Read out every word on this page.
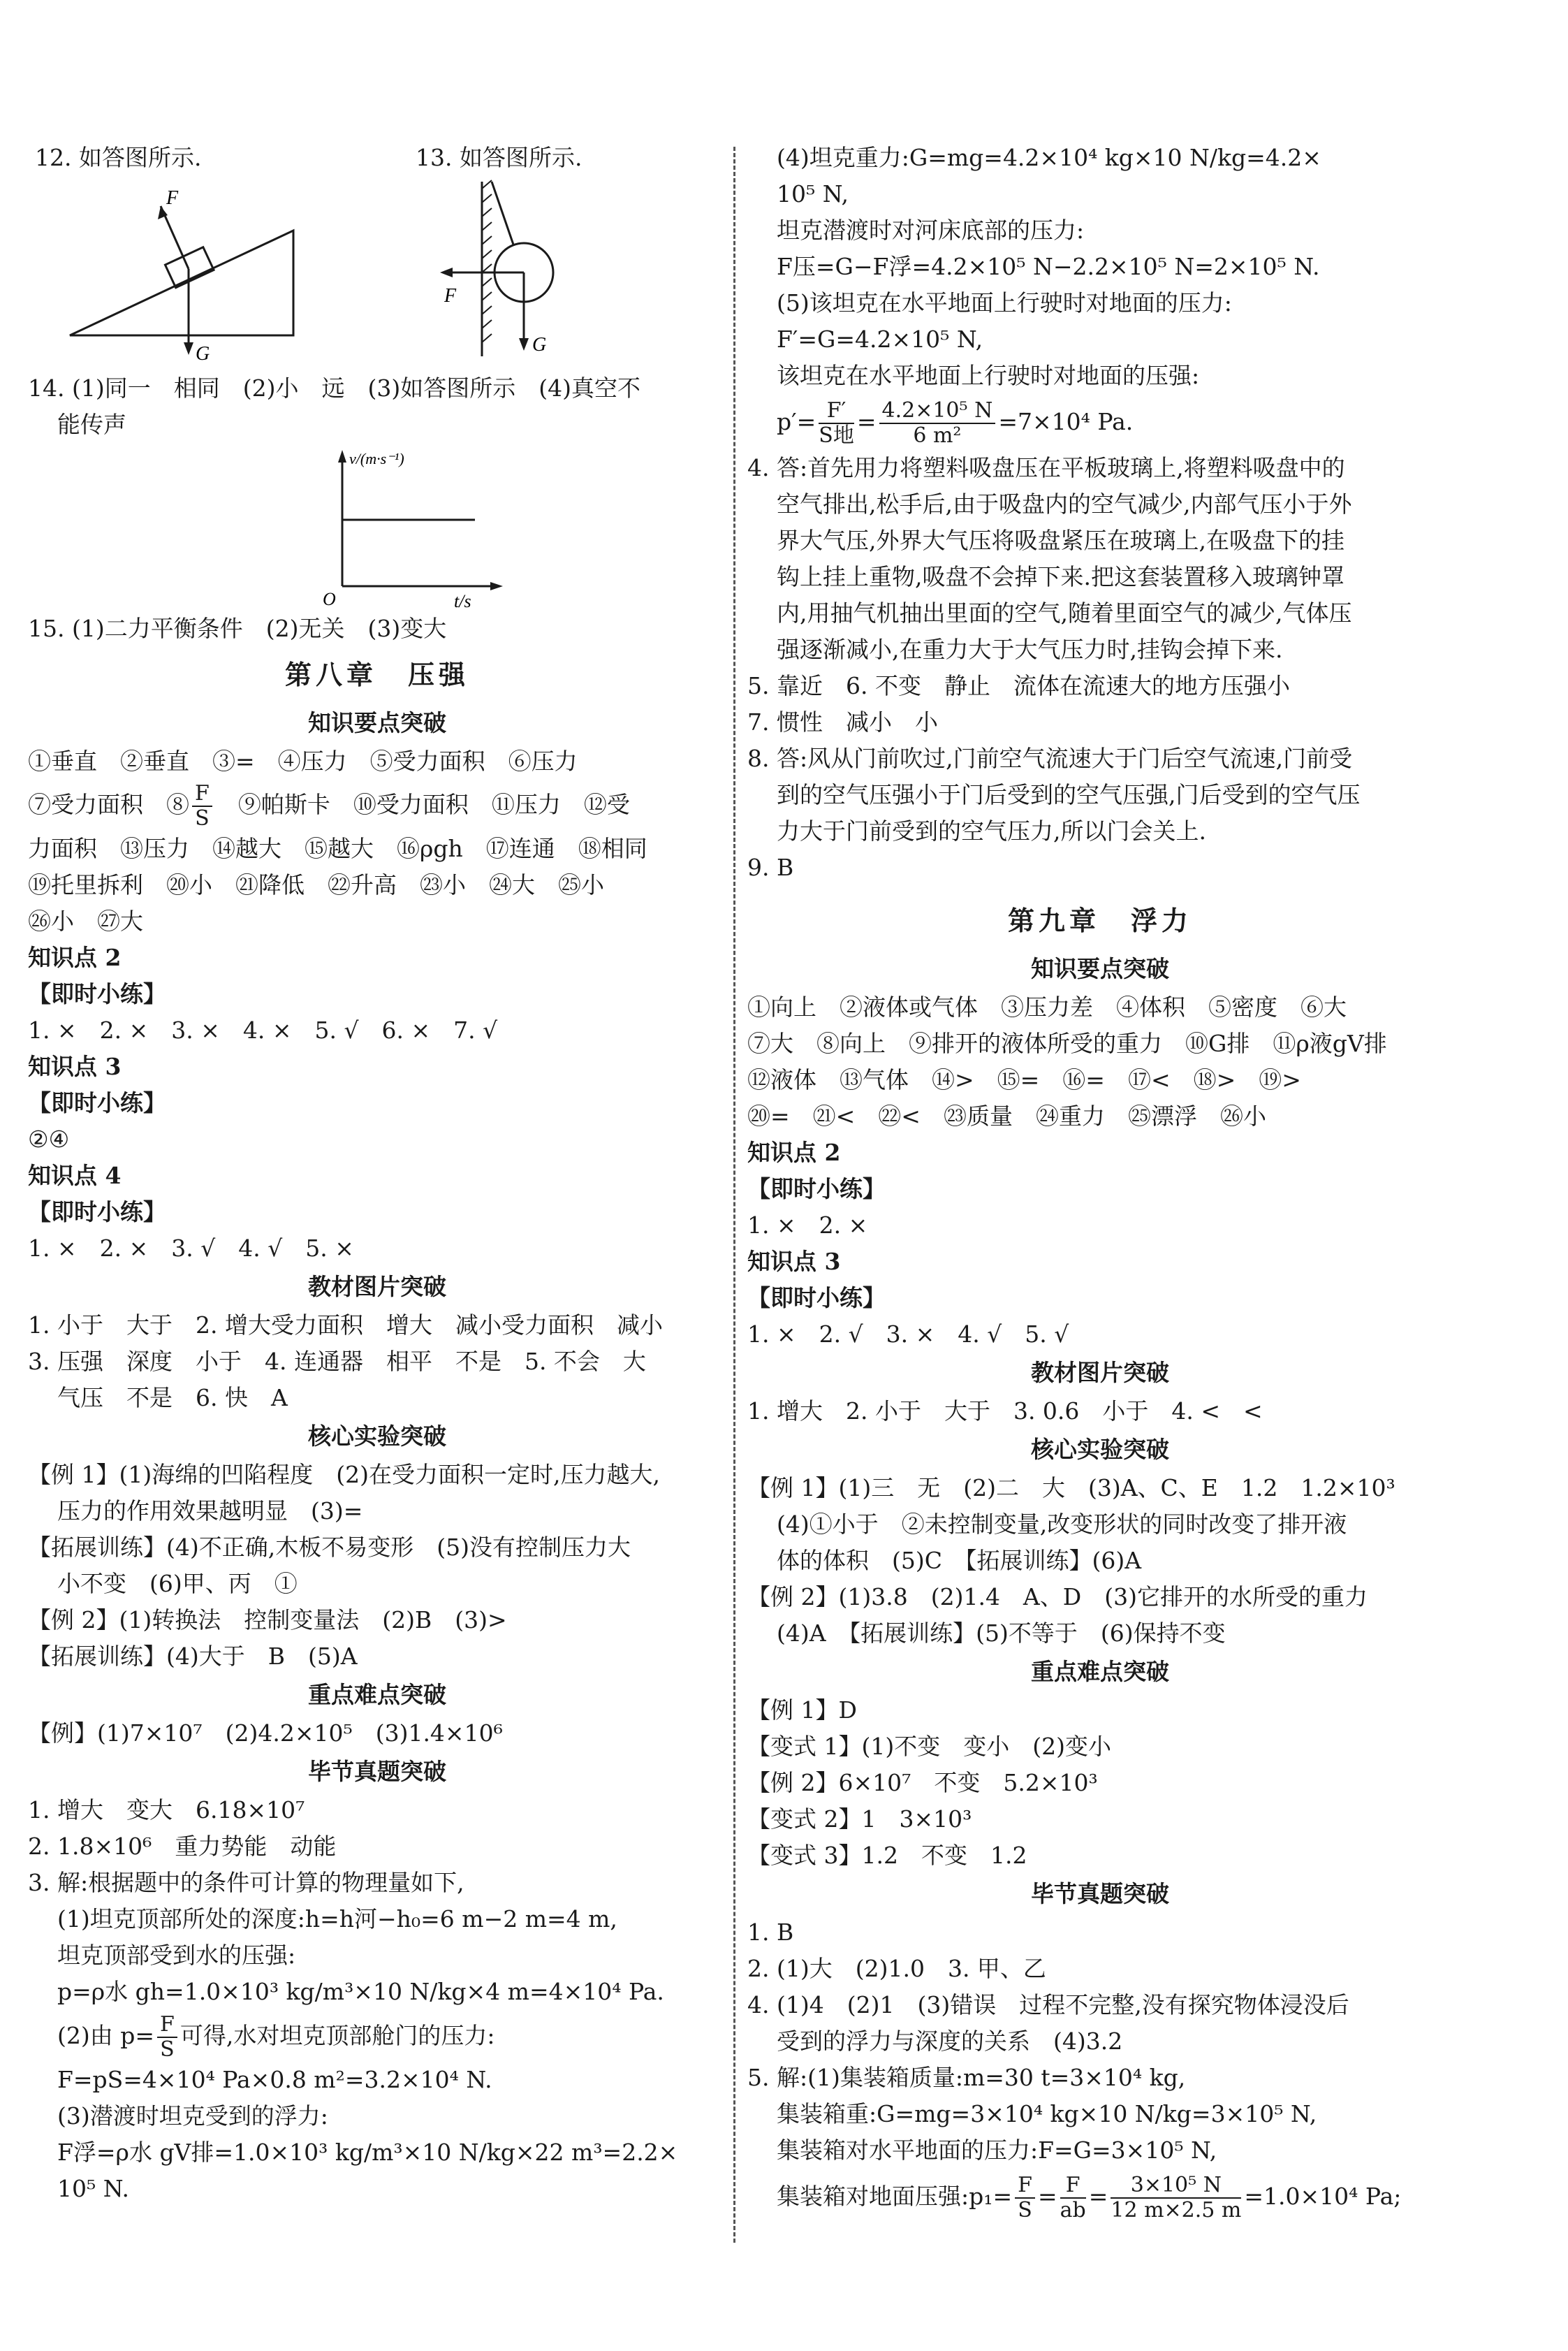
12. 如答图所示.	13. 如答图所示.
F
G
F
G
14. (1)同一　相同　(2)小　远　(3)如答图所示　(4)真空不
能传声
v/(m·s⁻¹)
t/s
O
15. (1)二力平衡条件　(2)无关　(3)变大
第八章　压强
知识要点突破
①垂直　②垂直　③=　④压力　⑤受力面积　⑥压力
⑦受力面积　⑧ $\frac{F}{S}$ 　⑨帕斯卡　⑩受力面积　⑪压力　⑫受
力面积　⑬压力　⑭越大　⑮越大　⑯ρgh　⑰连通　⑱相同
⑲托里拆利　⑳小　㉑降低　㉒升高　㉓小　㉔大　㉕小
㉖小　㉗大
知识点 2
【即时小练】
1. ×　2. ×　3. ×　4. ×　5. √　6. ×　7. √
知识点 3
【即时小练】
②④
知识点 4
【即时小练】
1. ×　2. ×　3. √　4. √　5. ×
教材图片突破
1. 小于　大于　2. 增大受力面积　增大　减小受力面积　减小
3. 压强　深度　小于　4. 连通器　相平　不是　5. 不会　大
气压　不是　6. 快　A
核心实验突破
【例 1】(1)海绵的凹陷程度　(2)在受力面积一定时,压力越大,
压力的作用效果越明显　(3)=
【拓展训练】(4)不正确,木板不易变形　(5)没有控制压力大
小不变　(6)甲、丙　①
【例 2】(1)转换法　控制变量法　(2)B　(3)>
【拓展训练】(4)大于　B　(5)A
重点难点突破
【例】(1)7×10⁷　(2)4.2×10⁵　(3)1.4×10⁶
毕节真题突破
1. 增大　变大　6.18×10⁷
2. 1.8×10⁶　重力势能　动能
3. 解:根据题中的条件可计算的物理量如下,
(1)坦克顶部所处的深度:h=h河−h₀=6 m−2 m=4 m,
坦克顶部受到水的压强:
p=ρ水 gh=1.0×10³ kg/m³×10 N/kg×4 m=4×10⁴ Pa.
(2)由 $p= \frac{F}{S}$ 可得,水对坦克顶部舱门的压力:
F=pS=4×10⁴ Pa×0.8 m²=3.2×10⁴ N.
(3)潜渡时坦克受到的浮力:
F浮=ρ水 gV排=1.0×10³ kg/m³×10 N/kg×22 m³=2.2×
10⁵ N.
(4)坦克重力:G=mg=4.2×10⁴ kg×10 N/kg=4.2×
10⁵ N,
坦克潜渡时对河床底部的压力:
F压=G−F浮=4.2×10⁵ N−2.2×10⁵ N=2×10⁵ N.
(5)该坦克在水平地面上行驶时对地面的压力:
F′=G=4.2×10⁵ N,
该坦克在水平地面上行驶时对地面的压强:
$p'= \frac{F'}{\text{S地}} = \frac{\text{4.2×10⁵ N}}{\text{6 m²}} =7\times 10^4$ Pa.
4. 答:首先用力将塑料吸盘压在平板玻璃上,将塑料吸盘中的
空气排出,松手后,由于吸盘内的空气减少,内部气压小于外
界大气压,外界大气压将吸盘紧压在玻璃上,在吸盘下的挂
钩上挂上重物,吸盘不会掉下来.把这套装置移入玻璃钟罩
内,用抽气机抽出里面的空气,随着里面空气的减少,气体压
强逐渐减小,在重力大于大气压力时,挂钩会掉下来.
5. 靠近　6. 不变　静止　流体在流速大的地方压强小
7. 惯性　减小　小
8. 答:风从门前吹过,门前空气流速大于门后空气流速,门前受
到的空气压强小于门后受到的空气压强,门后受到的空气压
力大于门前受到的空气压力,所以门会关上.
9. B
第九章　浮力
知识要点突破
①向上　②液体或气体　③压力差　④体积　⑤密度　⑥大
⑦大　⑧向上　⑨排开的液体所受的重力　⑩G排　⑪ρ液gV排
⑫液体　⑬气体　⑭>　⑮=　⑯=　⑰<　⑱>　⑲>
⑳=　㉑<　㉒<　㉓质量　㉔重力　㉕漂浮　㉖小
知识点 2
【即时小练】
1. ×　2. ×
知识点 3
【即时小练】
1. ×　2. √　3. ×　4. √　5. √
教材图片突破
1. 增大　2. 小于　大于　3. 0.6　小于　4. <　<
核心实验突破
【例 1】(1)三　无　(2)二　大　(3)A、C、E　1.2　1.2×10³
(4)①小于　②未控制变量,改变形状的同时改变了排开液
体的体积　(5)C　【拓展训练】(6)A
【例 2】(1)3.8　(2)1.4　A、D　(3)它排开的水所受的重力
(4)A　【拓展训练】(5)不等于　(6)保持不变
重点难点突破
【例 1】D
【变式 1】(1)不变　变小　(2)变小
【例 2】6×10⁷　不变　5.2×10³
【变式 2】1　3×10³
【变式 3】1.2　不变　1.2
毕节真题突破
1. B
2. (1)大　(2)1.0　3. 甲、乙
4. (1)4　(2)1　(3)错误　过程不完整,没有探究物体浸没后
受到的浮力与深度的关系　(4)3.2
5. 解:(1)集装箱质量:m=30 t=3×10⁴ kg,
集装箱重:G=mg=3×10⁴ kg×10 N/kg=3×10⁵ N,
集装箱对水平地面的压力:F=G=3×10⁵ N,
集装箱对地面压强:p₁= $\frac{F}{S} = \frac{F}{ab} = \frac{\text{3×10⁵ N}}{12 m\times 2.5 m} =1.0\times 10^4$ Pa;
